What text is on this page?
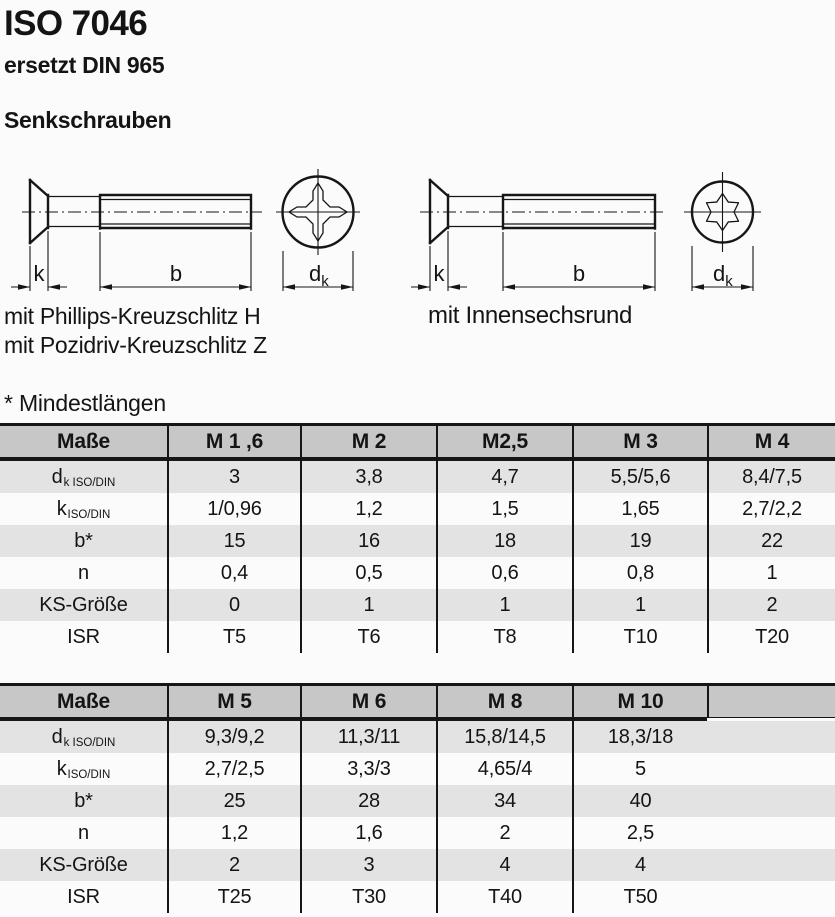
ISO 7046
ersetzt DIN 965
Senkschrauben
k	b	$d_k$	k	b	$d_k$
mit Phillips-Kreuzschlitz H
mit Pozidriv-Kreuzschlitz Z
mit Innensechsrund
* Mindestlängen
Maße	M 1 ,6	M 2	M2,5	M 3	M 4
d k ISO/DIN	3	3,8	4,7	5,5/5,6	8,4/7,5
k ISO/DIN	1/0,96	1,2	1,5	1,65	2,7/2,2
b*	15	16	18	19	22
n	0,4	0,5	0,6	0,8	1
KS-Größe	0	1	1	1	2
ISR	T5	T6	T8	T10	T20
Maße	M 5	M 6	M 8	M 10
d k ISO/DIN	9,3/9,2	11,3/11	15,8/14,5	18,3/18
k ISO/DIN	2,7/2,5	3,3/3	4,65/4	5
b*	25	28	34	40
n	1,2	1,6	2	2,5
KS-Größe	2	3	4	4
ISR	T25	T30	T40	T50
